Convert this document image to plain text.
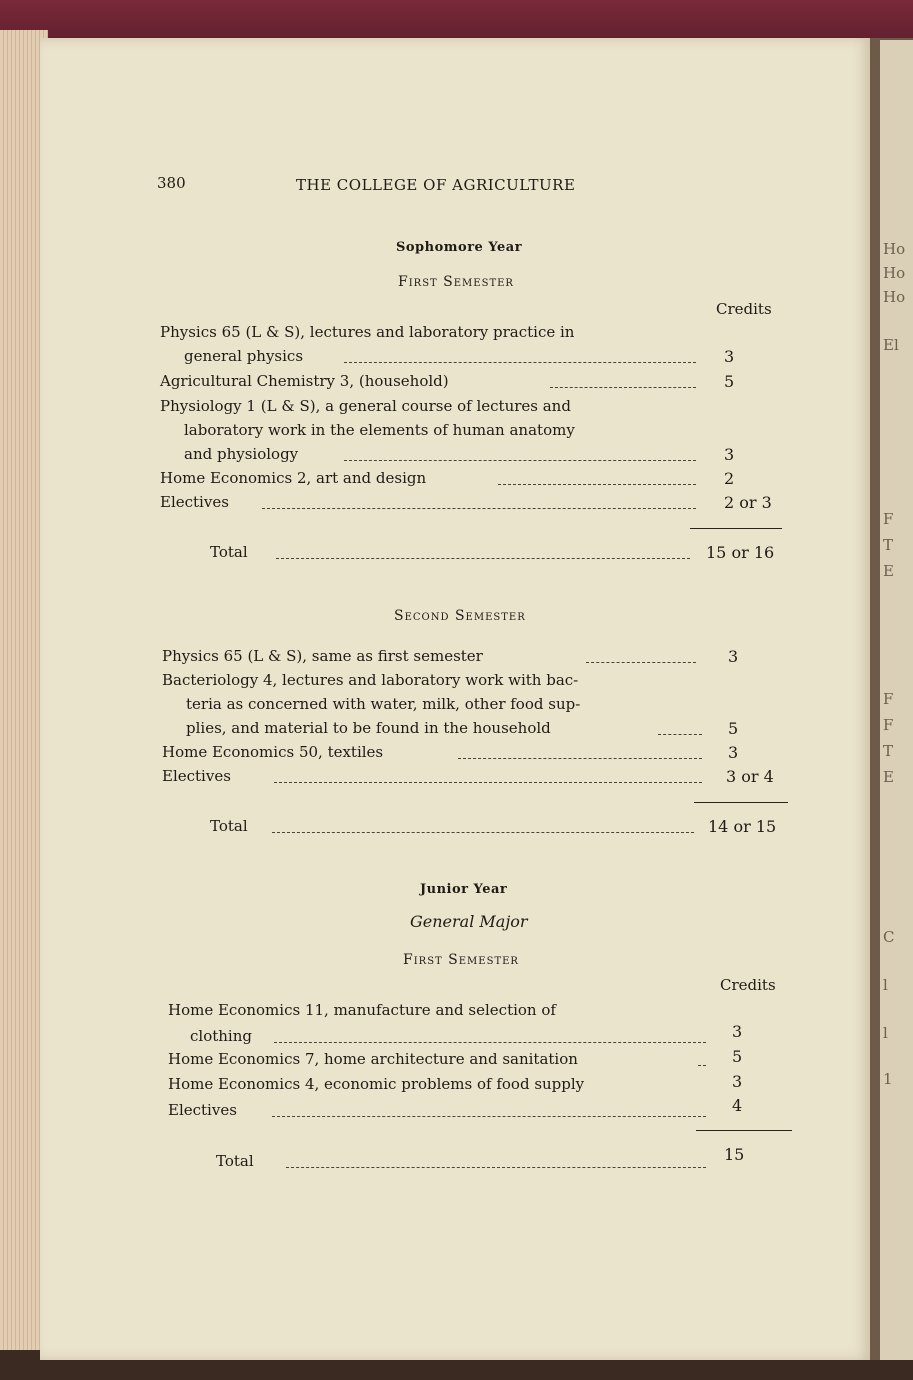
Ho
Ho
Ho
El
F
T
E
F
F
T
E
C
l
l
1
380	THE COLLEGE OF AGRICULTURE
Sophomore Year
First Semester
Credits
Physics 65 (L & S), lectures and laboratory practice in
general physics	3
Agricultural Chemistry 3, (household)	5
Physiology 1 (L & S), a general course of lectures and
laboratory work in the elements of human anatomy
and physiology	3
Home Economics 2, art and design	2
Electives	2 or 3
Total	15 or 16
Second Semester
Physics 65 (L & S), same as first semester	3
Bacteriology 4, lectures and laboratory work with bac-
teria as concerned with water, milk, other food sup-
plies, and material to be found in the household	5
Home Economics 50, textiles	3
Electives	3 or 4
Total	14 or 15
Junior Year
General Major
First Semester
Credits
Home Economics 11, manufacture and selection of
clothing	3
Home Economics 7, home architecture and sanitation	5
Home Economics 4, economic problems of food supply	3
Electives	4
Total	15
